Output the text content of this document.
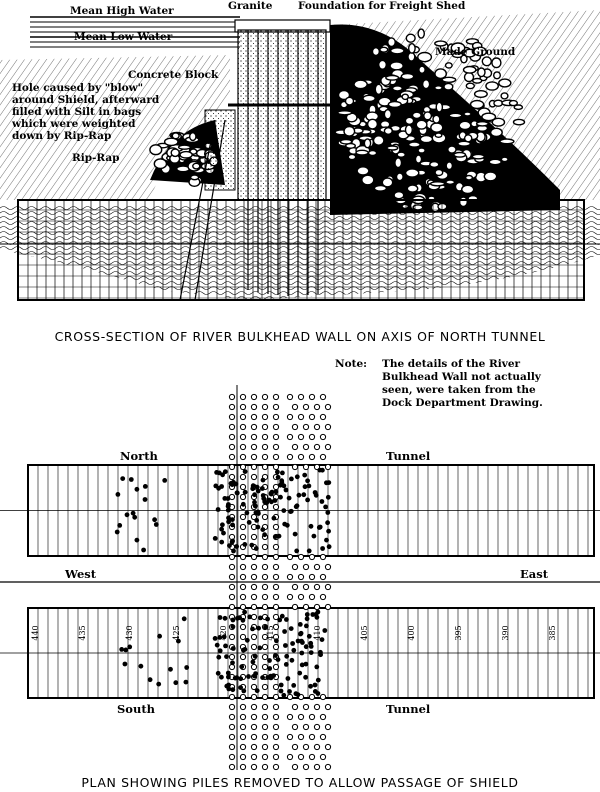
Mean High Water	Granite Foundation for Freight Shed
Mean Low Water
Made Ground
Concrete Block
Hole caused by "blow"
around Shield, afterward
filled with Silt in bags
which were weighted
down by Rip-Rap
Rip-Rap
Silt
CROSS-SECTION OF RIVER BULKHEAD WALL ON AXIS OF NORTH TUNNEL
Note: The details of the River
Bulkhead Wall not actually
seen, were taken from the
Dock Department Drawing.
North	Tunnel
West	East
South	Tunnel
440	435	430	425	420	415	410	405	400	395	390	385
PLAN SHOWING PILES REMOVED TO ALLOW PASSAGE OF SHIELD
